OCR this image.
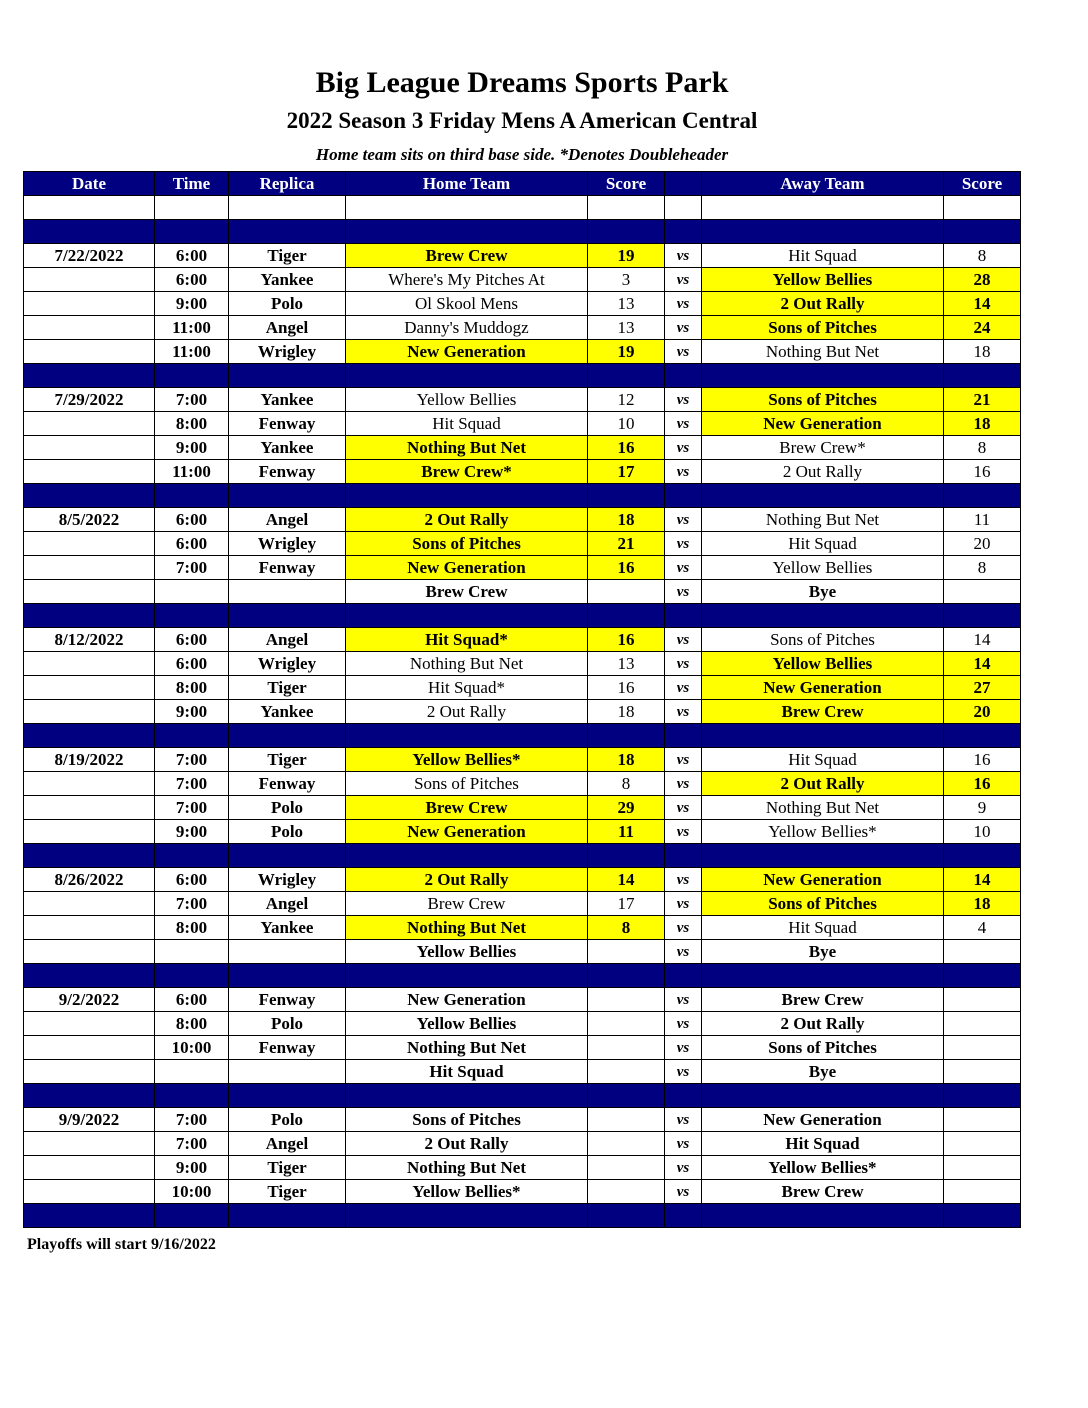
Big League Dreams Sports Park
2022 Season 3 Friday Mens A American Central
Home team sits on third base side. *Denotes Doubleheader
Date	Time	Replica	Home Team	Score		Away Team	Score

7/22/2022	6:00	Tiger	Brew Crew	19	vs	Hit Squad	8
	6:00	Yankee	Where's My Pitches At	3	vs	Yellow Bellies	28
	9:00	Polo	Ol Skool Mens	13	vs	2 Out Rally	14
	11:00	Angel	Danny's Muddogz	13	vs	Sons of Pitches	24
	11:00	Wrigley	New Generation	19	vs	Nothing But Net	18

7/29/2022	7:00	Yankee	Yellow Bellies	12	vs	Sons of Pitches	21
	8:00	Fenway	Hit Squad	10	vs	New Generation	18
	9:00	Yankee	Nothing But Net	16	vs	Brew Crew*	8
	11:00	Fenway	Brew Crew*	17	vs	2 Out Rally	16

8/5/2022	6:00	Angel	2 Out Rally	18	vs	Nothing But Net	11
	6:00	Wrigley	Sons of Pitches	21	vs	Hit Squad	20
	7:00	Fenway	New Generation	16	vs	Yellow Bellies	8
			Brew Crew		vs	Bye	

8/12/2022	6:00	Angel	Hit Squad*	16	vs	Sons of Pitches	14
	6:00	Wrigley	Nothing But Net	13	vs	Yellow Bellies	14
	8:00	Tiger	Hit Squad*	16	vs	New Generation	27
	9:00	Yankee	2 Out Rally	18	vs	Brew Crew	20

8/19/2022	7:00	Tiger	Yellow Bellies*	18	vs	Hit Squad	16
	7:00	Fenway	Sons of Pitches	8	vs	2 Out Rally	16
	7:00	Polo	Brew Crew	29	vs	Nothing But Net	9
	9:00	Polo	New Generation	11	vs	Yellow Bellies*	10

8/26/2022	6:00	Wrigley	2 Out Rally	14	vs	New Generation	14
	7:00	Angel	Brew Crew	17	vs	Sons of Pitches	18
	8:00	Yankee	Nothing But Net	8	vs	Hit Squad	4
			Yellow Bellies		vs	Bye	

9/2/2022	6:00	Fenway	New Generation		vs	Brew Crew	
	8:00	Polo	Yellow Bellies		vs	2 Out Rally	
	10:00	Fenway	Nothing But Net		vs	Sons of Pitches	
			Hit Squad		vs	Bye	

9/9/2022	7:00	Polo	Sons of Pitches		vs	New Generation	
	7:00	Angel	2 Out Rally		vs	Hit Squad	
	9:00	Tiger	Nothing But Net		vs	Yellow Bellies*	
	10:00	Tiger	Yellow Bellies*		vs	Brew Crew	

Playoffs will start 9/16/2022
